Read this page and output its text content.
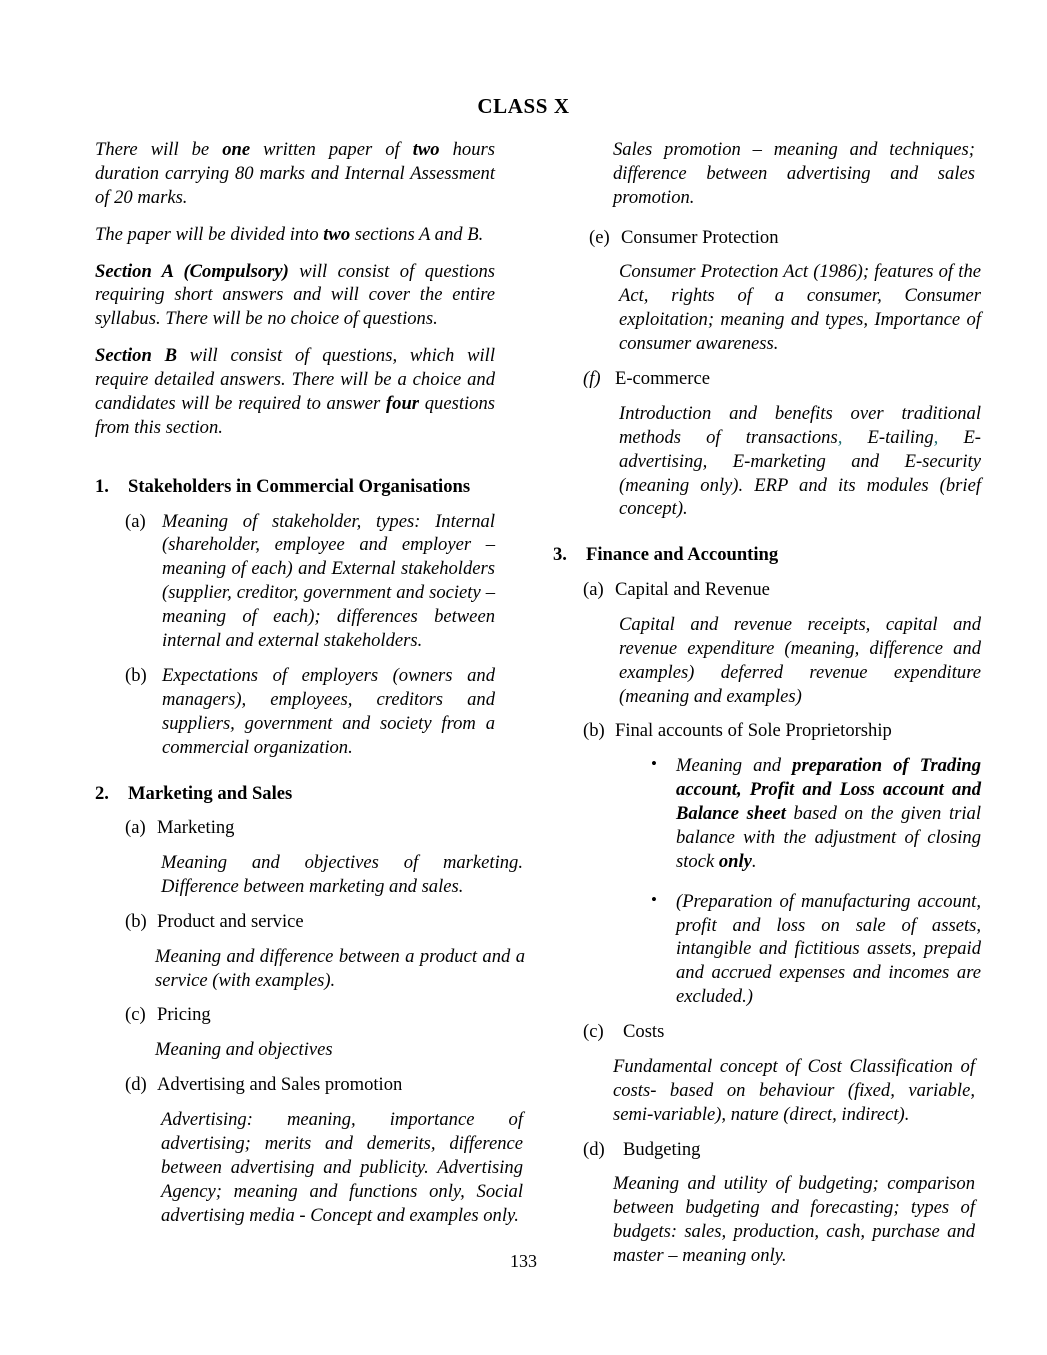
CLASS X

There will be one written paper of two hours duration carrying 80 marks and Internal Assessment of 20 marks.

The paper will be divided into two sections A and B.

Section A (Compulsory) will consist of questions requiring short answers and will cover the entire syllabus. There will be no choice of questions.

Section B will consist of questions, which will require detailed answers. There will be a choice and candidates will be required to answer four questions from this section.

1. Stakeholders in Commercial Organisations
(a) Meaning of stakeholder, types: Internal (shareholder, employee and employer – meaning of each) and External stakeholders (supplier, creditor, government and society – meaning of each); differences between internal and external stakeholders.
(b) Expectations of employers (owners and managers), employees, creditors and suppliers, government and society from a commercial organization.
2. Marketing and Sales
(a) Marketing

Meaning and objectives of marketing. Difference between marketing and sales.

(b) Product and service

Meaning and difference between a product and a service (with examples).

(c) Pricing

Meaning and objectives

(d) Advertising and Sales promotion

Advertising: meaning, importance of advertising; merits and demerits, difference between advertising and publicity. Advertising Agency; meaning and functions only, Social advertising media - Concept and examples only.

Sales promotion – meaning and techniques; difference between advertising and sales promotion.

(e) Consumer Protection

Consumer Protection Act (1986); features of the Act, rights of a consumer, Consumer exploitation; meaning and types, Importance of consumer awareness.

(f) E-commerce

Introduction and benefits over traditional methods of transactions, E-tailing, E-advertising, E-marketing and E-security (meaning only). ERP and its modules (brief concept).

3. Finance and Accounting
(a) Capital and Revenue

Capital and revenue receipts, capital and revenue expenditure (meaning, difference and examples) deferred revenue expenditure (meaning and examples)

(b) Final accounts of Sole Proprietorship

• Meaning and preparation of Trading account, Profit and Loss account and Balance sheet based on the given trial balance with the adjustment of closing stock only.

• (Preparation of manufacturing account, profit and loss on sale of assets, intangible and fictitious assets, prepaid and accrued expenses and incomes are excluded.)

(c) Costs

Fundamental concept of Cost Classification of costs- based on behaviour (fixed, variable, semi-variable), nature (direct, indirect).

(d) Budgeting

Meaning and utility of budgeting; comparison between budgeting and forecasting; types of budgets: sales, production, cash, purchase and master – meaning only.

133
